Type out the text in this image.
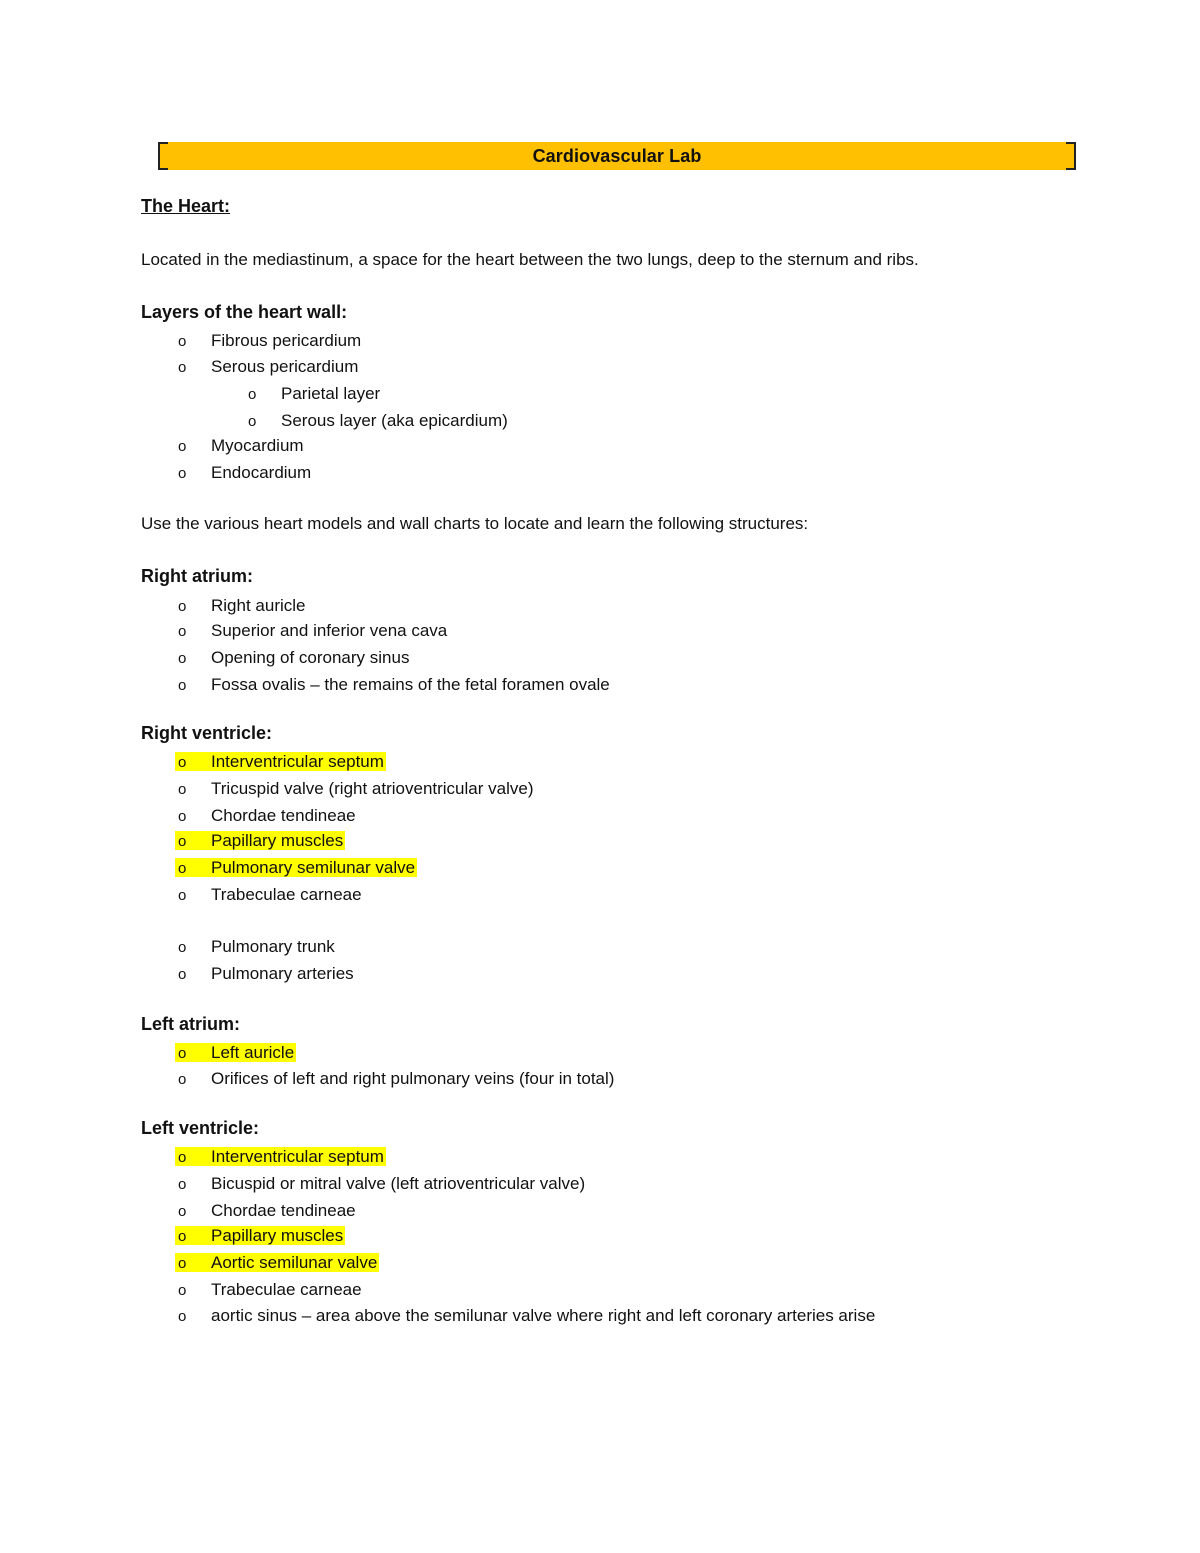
Cardiovascular Lab

The Heart:

Located in the mediastinum, a space for the heart between the two lungs, deep to the sternum and ribs.

Layers of the heart wall:

o Fibrous pericardium
o Serous pericardium
o Parietal layer
o Serous layer (aka epicardium)
o Myocardium
o Endocardium

Use the various heart models and wall charts to locate and learn the following structures:

Right atrium:

o Right auricle
o Superior and inferior vena cava
o Opening of coronary sinus
o Fossa ovalis – the remains of the fetal foramen ovale

Right ventricle:

o Interventricular septum
o Tricuspid valve (right atrioventricular valve)
o Chordae tendineae
o Papillary muscles
o Pulmonary semilunar valve
o Trabeculae carneae
o Pulmonary trunk
o Pulmonary arteries

Left atrium:

o Left auricle
o Orifices of left and right pulmonary veins (four in total)

Left ventricle:

o Interventricular septum
o Bicuspid or mitral valve (left atrioventricular valve)
o Chordae tendineae
o Papillary muscles
o Aortic semilunar valve
o Trabeculae carneae
o aortic sinus – area above the semilunar valve where right and left coronary arteries arise
